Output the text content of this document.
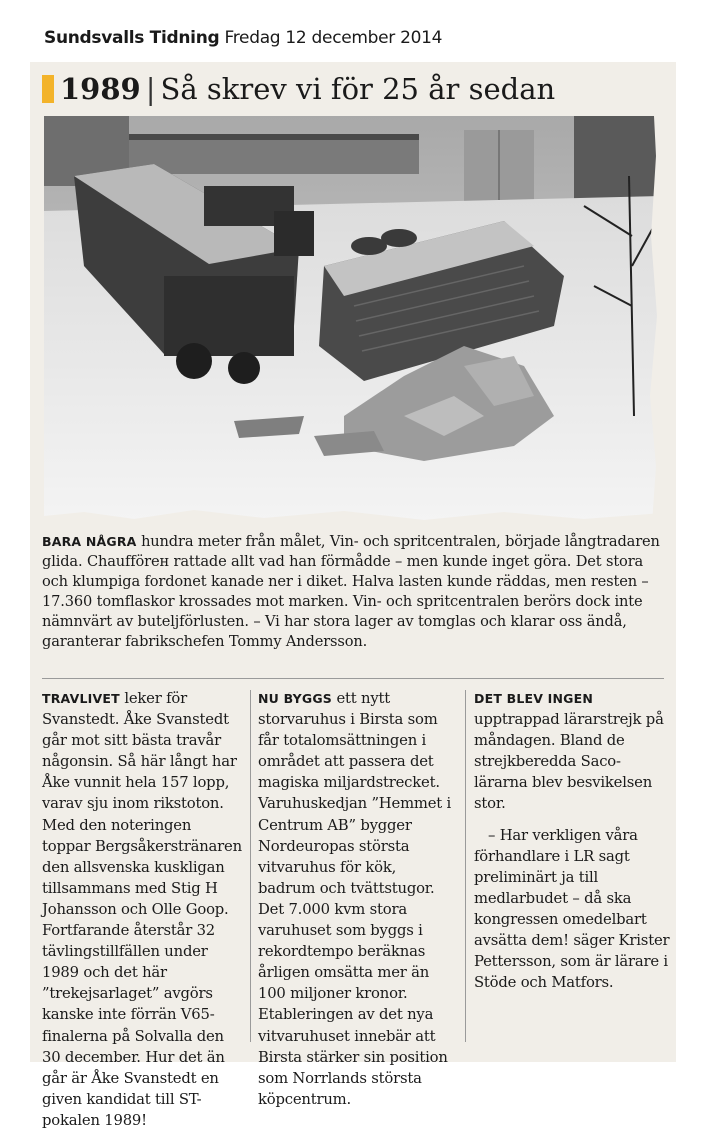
Sundsvalls Tidning Fredag 12 december 2014
1989 | Så skrev vi för 25 år sedan

BARA NÅGRA hundra meter från målet, Vin- och spritcentralen, började långtradaren glida. Chaufförен rattade allt vad han förmådde – men kunde inget göra. Det stora och klumpiga fordonet kanade ner i diket. Halva lasten kunde räddas, men resten – 17.360 tomflaskor krossades mot marken. Vin- och spritcentralen berörs dock inte nämnvärt av buteljförlusten. – Vi har stora lager av tomglas och klarar oss ändå, garanterar fabrikschefen Tommy Andersson.

TRAVLIVET leker för Svanstedt. Åke Svanstedt går mot sitt bästa travår någonsin. Så här långt har Åke vunnit hela 157 lopp, varav sju inom rikstoton. Med den noteringen toppar Bergsåkerstränaren den allsvenska kuskligan tillsammans med Stig H Johansson och Olle Goop. Fortfarande återstår 32 tävlingstillfällen under 1989 och det här ”trekejsarlaget” avgörs kanske inte förrän V65-finalerna på Solvalla den 30 december. Hur det än går är Åke Svanstedt en given kandidat till ST-pokalen 1989!

NU BYGGS ett nytt storvaruhus i Birsta som får totalomsättningen i området att passera det magiska miljardstrecket. Varuhuskedjan ”Hemmet i Centrum AB” bygger Nordeuropas största vitvaruhus för kök, badrum och tvättstugor. Det 7.000 kvm stora varuhuset som byggs i rekordtempo beräknas årligen omsätta mer än 100 miljoner kronor. Etableringen av det nya vitvaruhuset innebär att Birsta stärker sin position som Norrlands största köpcentrum.

DET BLEV INGEN upptrappad lärarstrejk på måndagen. Bland de strejkberedda Saco-lärarna blev besvikelsen stor.

– Har verkligen våra förhandlare i LR sagt preliminärt ja till medlarbudet – då ska kongressen omedelbart avsätta dem! säger Krister Pettersson, som är lärare i Stöde och Matfors.
